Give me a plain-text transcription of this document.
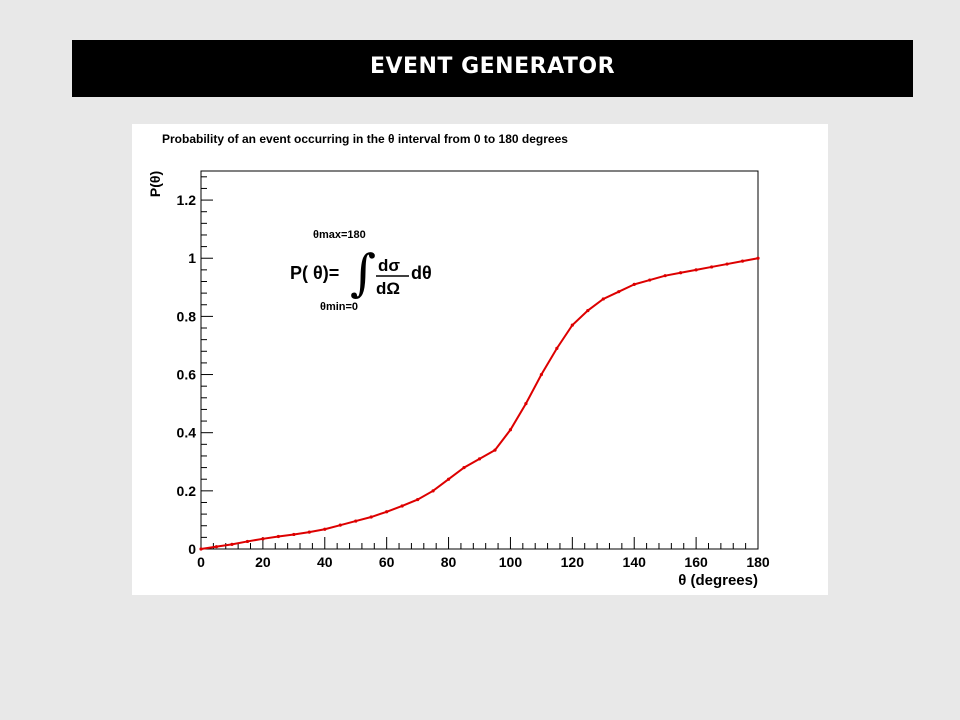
EVENT GENERATOR
Probability of an event occurring in the θ interval from 0 to 180 degrees
0	20	40	60	80	100	120	140	160	180
0
0.2
0.4
0.6
0.8
1
1.2
P(θ)
θ (degrees)
P( θ)=
θmax=180
θmin=0
∫ dσ
dΩ
dθ
